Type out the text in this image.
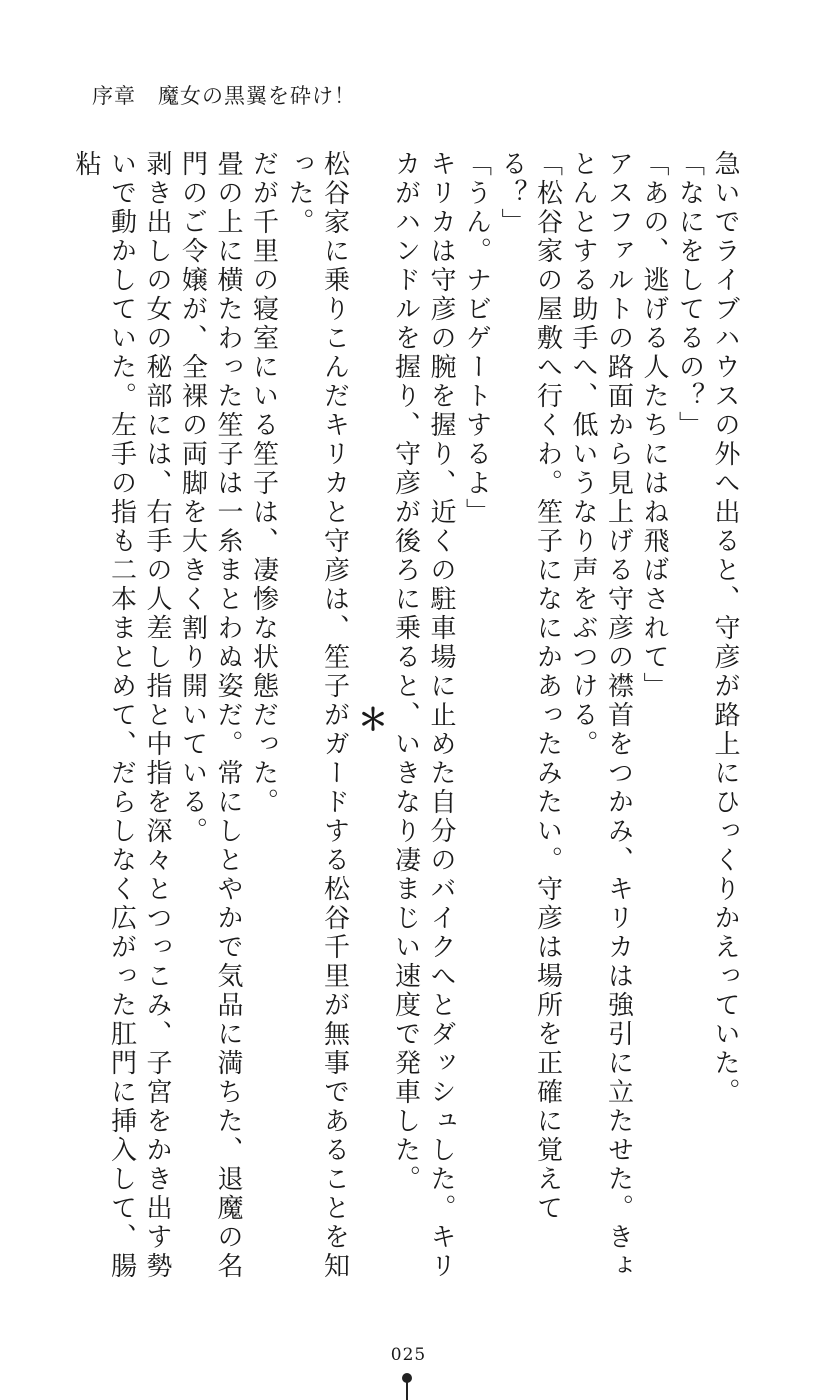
序章　魔女の黒翼を砕け！

急いでライブハウスの外へ出ると、守彦が路上にひっくりかえっていた。

「なにをしてるの？」

「あの、逃げる人たちにはね飛ばされて」

アスファルトの路面から見上げる守彦の襟首をつかみ、キリカは強引に立たせた。きょとんとする助手へ、低いうなり声をぶつける。

「松谷家の屋敷へ行くわ。笙子になにかあったみたい。守彦は場所を正確に覚えてる？」

「うん。ナビゲートするよ」

キリカは守彦の腕を握り、近くの駐車場に止めた自分のバイクへとダッシュした。キリカがハンドルを握り、守彦が後ろに乗ると、いきなり凄まじい速度で発車した。

＊

松谷家に乗りこんだキリカと守彦は、笙子がガードする松谷千里が無事であることを知った。

だが千里の寝室にいる笙子は、凄惨な状態だった。

畳の上に横たわった笙子は一糸まとわぬ姿だ。常にしとやかで気品に満ちた、退魔の名門のご令嬢が、全裸の両脚を大きく割り開いている。

剥き出しの女の秘部には、右手の人差し指と中指を深々とつっこみ、子宮をかき出す勢いで動かしていた。左手の指も二本まとめて、だらしなく広がった肛門に挿入して、腸粘

025
